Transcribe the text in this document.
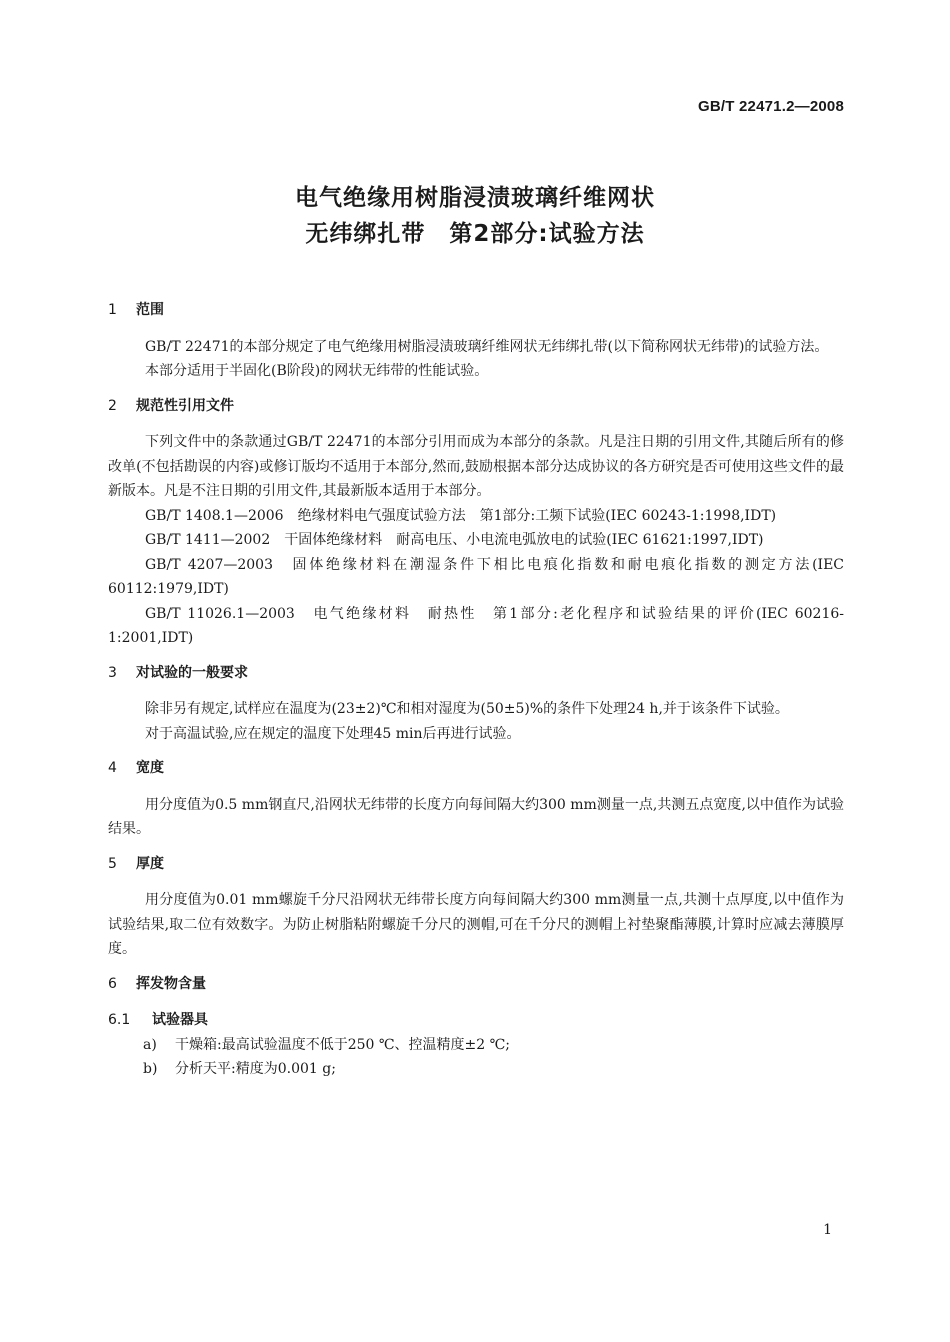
GB/T 22471.2—2008
电气绝缘用树脂浸渍玻璃纤维网状
无纬绑扎带　第2部分:试验方法
1 范围

GB/T 22471的本部分规定了电气绝缘用树脂浸渍玻璃纤维网状无纬绑扎带(以下简称网状无纬带)的试验方法。

本部分适用于半固化(B阶段)的网状无纬带的性能试验。

2 规范性引用文件

下列文件中的条款通过GB/T 22471的本部分引用而成为本部分的条款。凡是注日期的引用文件,其随后所有的修改单(不包括勘误的内容)或修订版均不适用于本部分,然而,鼓励根据本部分达成协议的各方研究是否可使用这些文件的最新版本。凡是不注日期的引用文件,其最新版本适用于本部分。

GB/T 1408.1—2006　绝缘材料电气强度试验方法　第1部分:工频下试验(IEC 60243-1:1998,IDT)

GB/T 1411—2002　干固体绝缘材料　耐高电压、小电流电弧放电的试验(IEC 61621:1997,IDT)

GB/T 4207—2003　固体绝缘材料在潮湿条件下相比电痕化指数和耐电痕化指数的测定方法(IEC 60112:1979,IDT)

GB/T 11026.1—2003　电气绝缘材料　耐热性　第1部分:老化程序和试验结果的评价(IEC 60216-1:2001,IDT)

3 对试验的一般要求

除非另有规定,试样应在温度为(23±2)℃和相对湿度为(50±5)%的条件下处理24 h,并于该条件下试验。

对于高温试验,应在规定的温度下处理45 min后再进行试验。

4 宽度

用分度值为0.5 mm钢直尺,沿网状无纬带的长度方向每间隔大约300 mm测量一点,共测五点宽度,以中值作为试验结果。

5 厚度

用分度值为0.01 mm螺旋千分尺沿网状无纬带长度方向每间隔大约300 mm测量一点,共测十点厚度,以中值作为试验结果,取二位有效数字。为防止树脂粘附螺旋千分尺的测帽,可在千分尺的测帽上衬垫聚酯薄膜,计算时应减去薄膜厚度。

6 挥发物含量
6.1 试验器具

a) 干燥箱:最高试验温度不低于250 ℃、控温精度±2 ℃;

b) 分析天平:精度为0.001 g;

1
